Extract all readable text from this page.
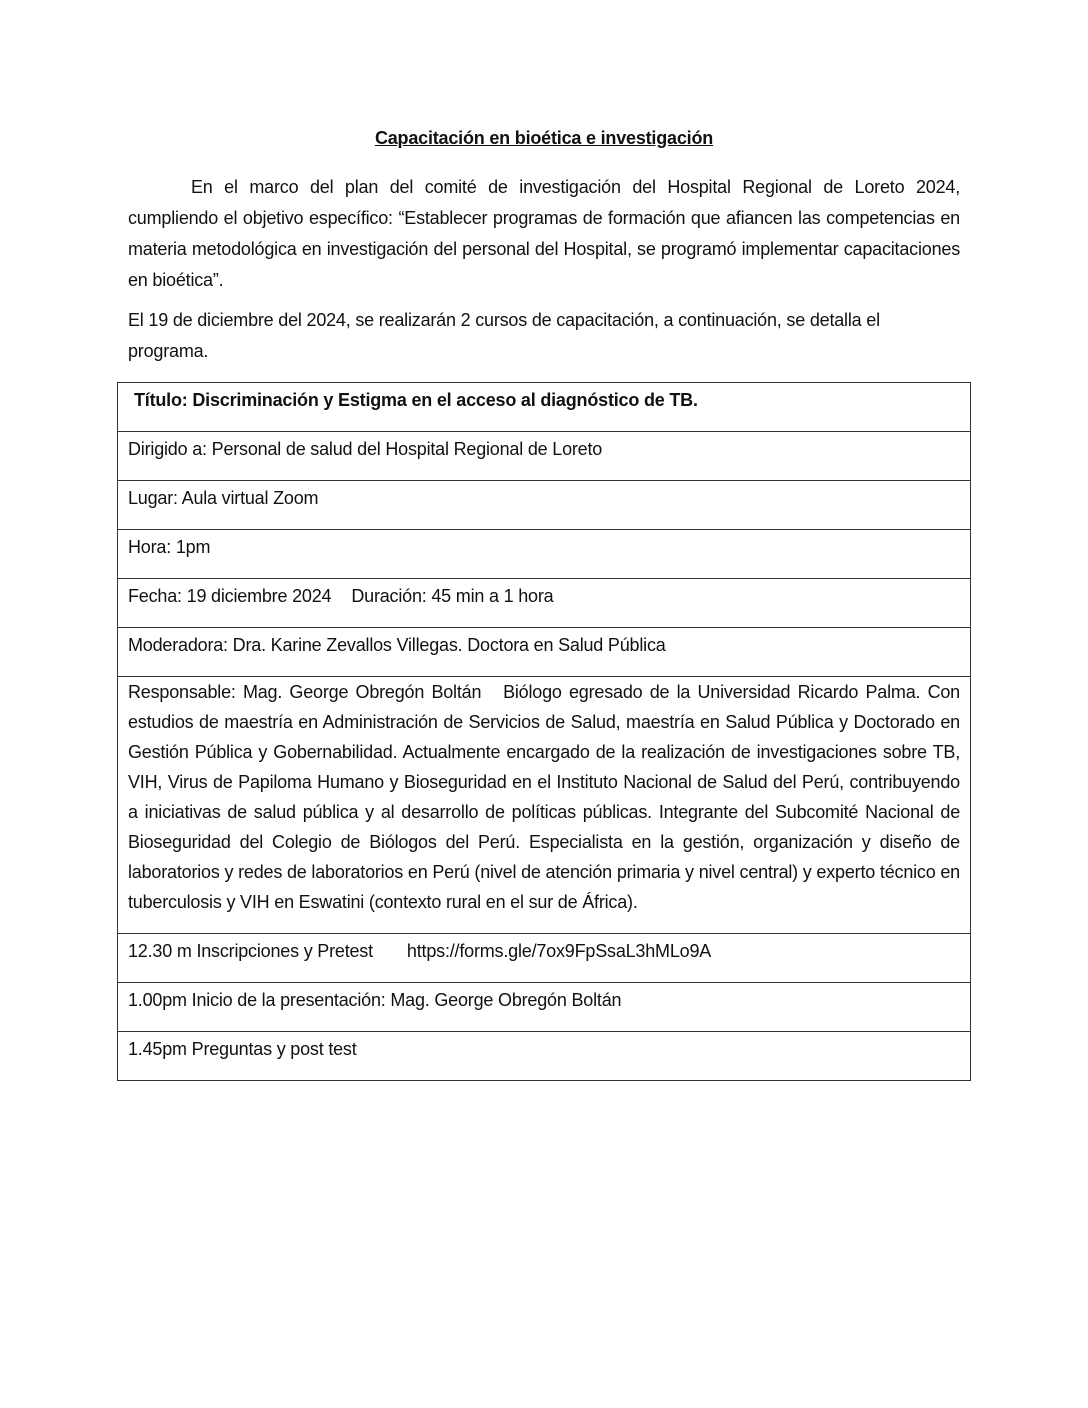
Capacitación en bioética e investigación

En el marco del plan del comité de investigación del Hospital Regional de Loreto 2024, cumpliendo el objetivo específico: “Establecer programas de formación que afiancen las competencias en materia metodológica en investigación del personal del Hospital, se programó implementar capacitaciones en bioética”.

El 19 de diciembre del 2024, se realizarán 2 cursos de capacitación, a continuación, se detalla el programa.

Título: Discriminación y Estigma en el acceso al diagnóstico de TB.
Dirigido a: Personal de salud del Hospital Regional de Loreto
Lugar: Aula virtual Zoom
Hora: 1pm
Fecha: 19 diciembre 2024 Duración: 45 min a 1 hora
Moderadora: Dra. Karine Zevallos Villegas. Doctora en Salud Pública
Responsable: Mag. George Obregón Boltán   Biólogo egresado de la Universidad Ricardo Palma. Con estudios de maestría en Administración de Servicios de Salud, maestría en Salud Pública y Doctorado en Gestión Pública y Gobernabilidad. Actualmente encargado de la realización de investigaciones sobre TB, VIH, Virus de Papiloma Humano y Bioseguridad en el Instituto Nacional de Salud del Perú, contribuyendo a iniciativas de salud pública y al desarrollo de políticas públicas. Integrante del Subcomité Nacional de Bioseguridad del Colegio de Biólogos del Perú. Especialista en la gestión, organización y diseño de laboratorios y redes de laboratorios en Perú (nivel de atención primaria y nivel central) y experto técnico en tuberculosis y VIH en Eswatini (contexto rural en el sur de África).
12.30 m Inscripciones y Pretest https://forms.gle/7ox9FpSsaL3hMLo9A
1.00pm Inicio de la presentación: Mag. George Obregón Boltán
1.45pm Preguntas y post test
